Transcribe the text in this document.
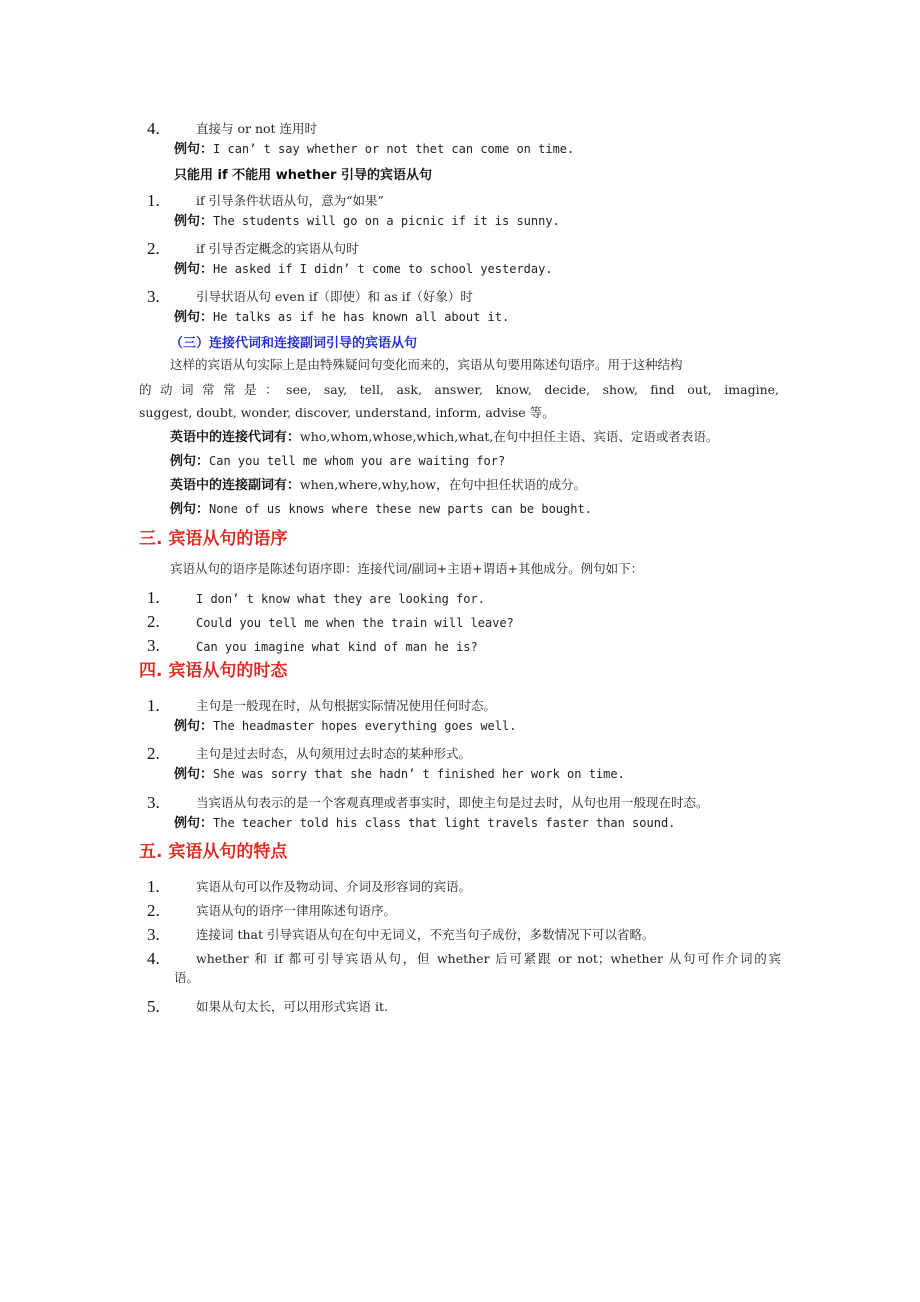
4.	直接与 or not 连用时
例句：I can’ t say whether or not thet can come on time.
只能用 if 不能用 whether 引导的宾语从句
1.	if 引导条件状语从句，意为“如果”
例句：The students will go on a picnic if it is sunny.
2.	if 引导否定概念的宾语从句时
例句：He asked if I didn’ t come to school yesterday.
3.	引导状语从句 even if（即使）和 as if（好象）时
例句：He talks as if he has known all about it.
（三）连接代词和连接副词引导的宾语从句
这样的宾语从句实际上是由特殊疑问句变化而来的，宾语从句要用陈述句语序。用于这种结构
的动词常常是：see, say, tell, ask, answer, know, decide, show, find out, imagine,
suggest, doubt, wonder, discover, understand, inform, advise 等。
英语中的连接代词有：who,whom,whose,which,what,在句中担任主语、宾语、定语或者表语。
例句：Can you tell me whom you are waiting for?
英语中的连接副词有：when,where,why,how，在句中担任状语的成分。
例句：None of us knows where these new parts can be bought.
三. 宾语从句的语序
宾语从句的语序是陈述句语序即：连接代词/副词+主语+谓语+其他成分。例句如下：
1.	I don’ t know what they are looking for.
2.	Could you tell me when the train will leave?
3.	Can you imagine what kind of man he is?
四. 宾语从句的时态
1.	主句是一般现在时，从句根据实际情况使用任何时态。
例句：The headmaster hopes everything goes well.
2.	主句是过去时态，从句须用过去时态的某种形式。
例句：She was sorry that she hadn’ t finished her work on time.
3.	当宾语从句表示的是一个客观真理或者事实时，即使主句是过去时，从句也用一般现在时态。
例句：The teacher told his class that light travels faster than sound.
五. 宾语从句的特点
1.	宾语从句可以作及物动词、介词及形容词的宾语。
2.	宾语从句的语序一律用陈述句语序。
3.	连接词 that 引导宾语从句在句中无词义，不充当句子成份，多数情况下可以省略。
4.	whether 和 if 都可引导宾语从句，但 whether 后可紧跟 or not；whether 从句可作介词的宾
语。
5.	如果从句太长，可以用形式宾语 it.
